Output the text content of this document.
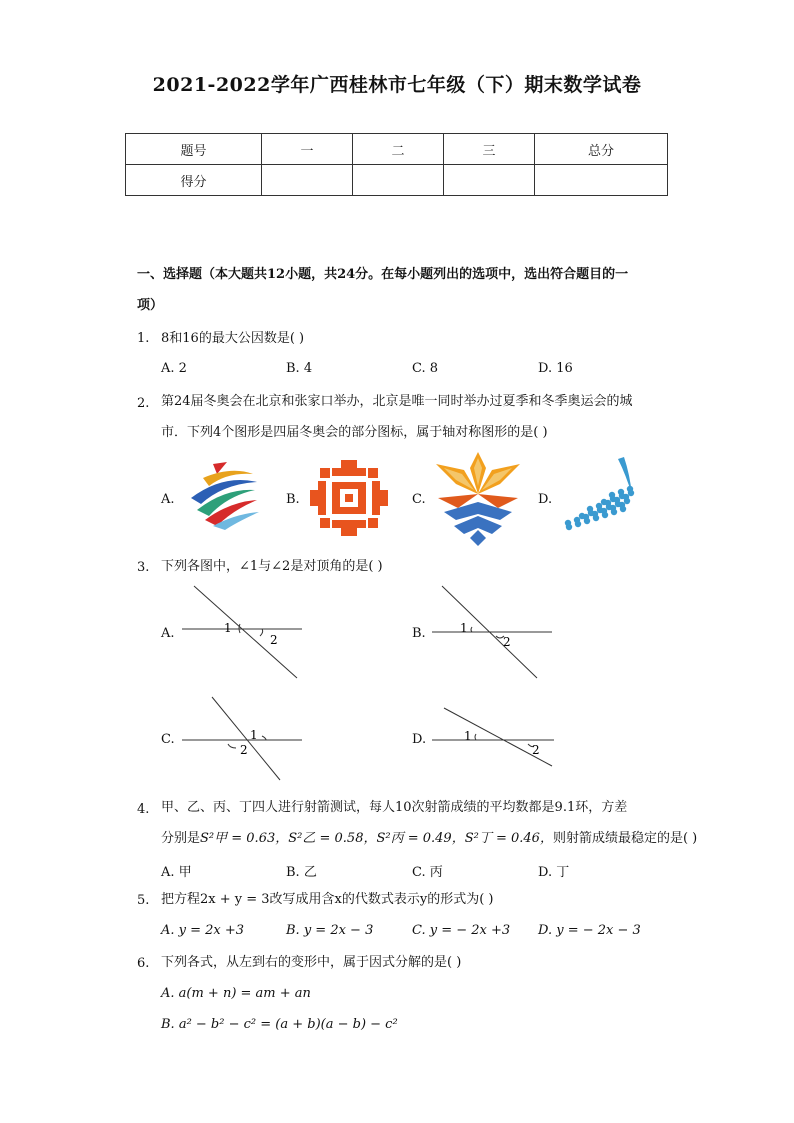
2021-2022学年广西桂林市七年级（下）期末数学试卷
题号	一	二	三	总分
得分				
一、选择题（本大题共12小题，共24分。在每小题列出的选项中，选出符合题目的一
项）
1. 8和16的最大公因数是( )
A. 2	B. 4	C. 8	D. 16
2. 第24届冬奥会在北京和张家口举办，北京是唯一同时举办过夏季和冬季奥运会的城
市．下列4个图形是四届冬奥会的部分图标，属于轴对称图形的是( )
A.	B.	C.	D.
3. 下列各图中，∠1与∠2是对顶角的是( )
A.	1
2	B.	1
2
C.	1
2
D.	1
2
4. 甲、乙、丙、丁四人进行射箭测试，每人10次射箭成绩的平均数都是9.1环，方差
分别是S²甲 = 0.63，S²乙 = 0.58，S²丙 = 0.49，S²丁 = 0.46，则射箭成绩最稳定的是( )
A. 甲	B. 乙	C. 丙	D. 丁
5. 把方程2x + y = 3改写成用含x的代数式表示y的形式为( )
A. y = 2x +3	B. y = 2x − 3	C. y = − 2x +3 D. y = − 2x − 3
6. 下列各式，从左到右的变形中，属于因式分解的是( )
A. a(m + n) = am + an
B. a² − b² − c² = (a + b)(a − b) − c²
